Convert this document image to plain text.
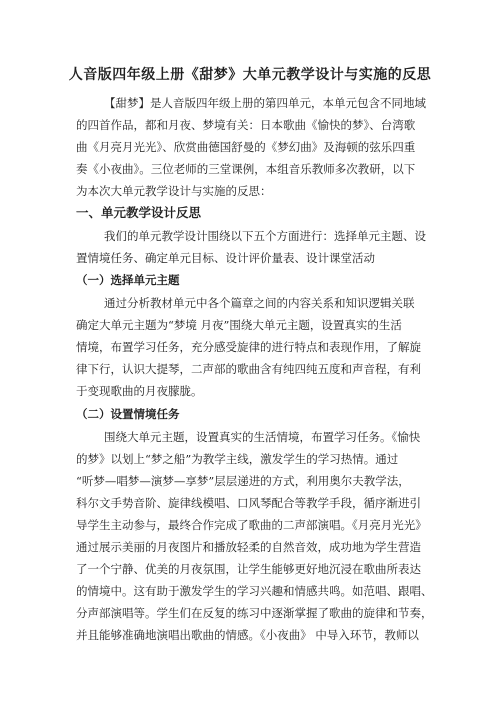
人音版四年级上册《甜梦》大单元教学设计与实施的反思
【甜梦】是人音版四年级上册的第四单元，本单元包含不同地域
的四首作品，都和月夜、梦境有关：日本歌曲《愉快的梦》、台湾歌
曲《月亮月光光》、欣赏曲德国舒曼的《梦幻曲》及海顿的弦乐四重
奏《小夜曲》。三位老师的三堂课例，本组音乐教师多次教研，以下
为本次大单元教学设计与实施的反思：
一、单元教学设计反思
我们的单元教学设计围绕以下五个方面进行：选择单元主题、设
置情境任务、确定单元目标、设计评价量表、设计课堂活动
（一）选择单元主题
通过分析教材单元中各个篇章之间的内容关系和知识逻辑关联
确定大单元主题为“梦境 月夜”围绕大单元主题，设置真实的生活
情境，布置学习任务，充分感受旋律的进行特点和表现作用，了解旋
律下行，认识大提琴，二声部的歌曲含有纯四纯五度和声音程，有利
于变现歌曲的月夜朦胧。
（二）设置情境任务
围绕大单元主题，设置真实的生活情境，布置学习任务。《愉快
的梦》以划上“梦之船”为教学主线，激发学生的学习热情。通过
“听梦—唱梦—演梦—享梦”层层递进的方式，利用奥尔夫教学法，
科尔文手势音阶、旋律线模唱、口风琴配合等教学手段，循序渐进引
导学生主动参与，最终合作完成了歌曲的二声部演唱。《月亮月光光》
通过展示美丽的月夜图片和播放轻柔的自然音效，成功地为学生营造
了一个宁静、优美的月夜氛围，让学生能够更好地沉浸在歌曲所表达
的情境中。这有助于激发学生的学习兴趣和情感共鸣。如范唱、跟唱、
分声部演唱等。学生们在反复的练习中逐渐掌握了歌曲的旋律和节奏，
并且能够准确地演唱出歌曲的情感。《小夜曲》 中导入环节，教师以
